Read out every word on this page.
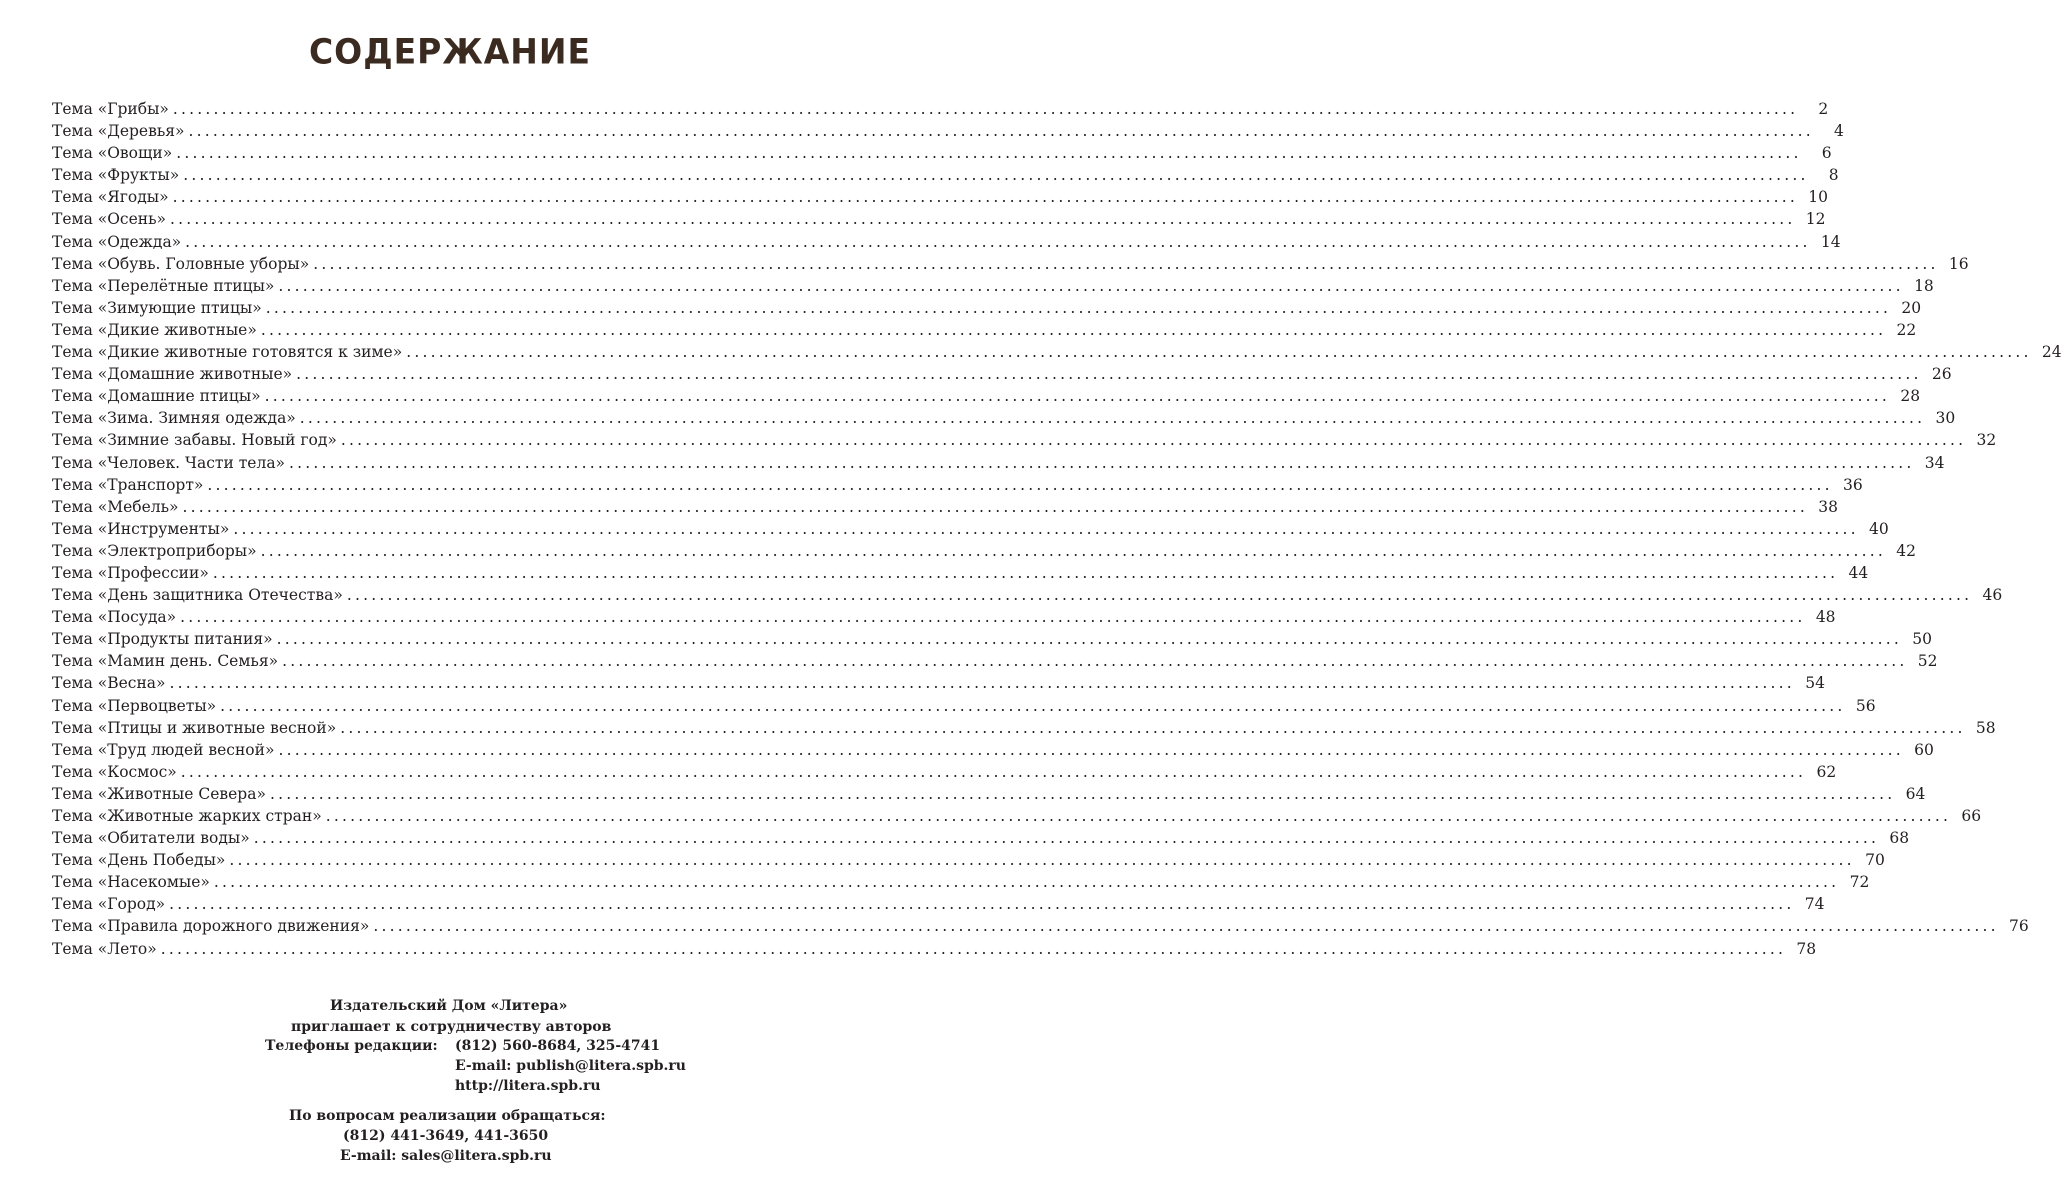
СОДЕРЖАНИЕ
Тема «Грибы» ........................................................................................................................................................................................................	2
Тема «Деревья» ........................................................................................................................................................................................................	4
Тема «Овощи» ........................................................................................................................................................................................................	6
Тема «Фрукты» ........................................................................................................................................................................................................	8
Тема «Ягоды» ........................................................................................................................................................................................................ 10
Тема «Осень» ........................................................................................................................................................................................................ 12
Тема «Одежда» ........................................................................................................................................................................................................ 14
Тема «Обувь. Головные уборы» ........................................................................................................................................................................................................ 16
Тема «Перелётные птицы» ........................................................................................................................................................................................................ 18
Тема «Зимующие птицы» ........................................................................................................................................................................................................ 20
Тема «Дикие животные» ........................................................................................................................................................................................................ 22
Тема «Дикие животные готовятся к зиме» ........................................................................................................................................................................................................ 24
Тема «Домашние животные» ........................................................................................................................................................................................................ 26
Тема «Домашние птицы» ........................................................................................................................................................................................................ 28
Тема «Зима. Зимняя одежда» ........................................................................................................................................................................................................ 30
Тема «Зимние забавы. Новый год» ........................................................................................................................................................................................................ 32
Тема «Человек. Части тела» ........................................................................................................................................................................................................ 34
Тема «Транспорт» ........................................................................................................................................................................................................ 36
Тема «Мебель» ........................................................................................................................................................................................................ 38
Тема «Инструменты» ........................................................................................................................................................................................................ 40
Тема «Электроприборы» ........................................................................................................................................................................................................ 42
Тема «Профессии» ........................................................................................................................................................................................................ 44
Тема «День защитника Отечества» ........................................................................................................................................................................................................ 46
Тема «Посуда» ........................................................................................................................................................................................................ 48
Тема «Продукты питания» ........................................................................................................................................................................................................ 50
Тема «Мамин день. Семья» ........................................................................................................................................................................................................ 52
Тема «Весна» ........................................................................................................................................................................................................ 54
Тема «Первоцветы» ........................................................................................................................................................................................................ 56
Тема «Птицы и животные весной» ........................................................................................................................................................................................................ 58
Тема «Труд людей весной» ........................................................................................................................................................................................................ 60
Тема «Космос» ........................................................................................................................................................................................................ 62
Тема «Животные Севера» ........................................................................................................................................................................................................ 64
Тема «Животные жарких стран» ........................................................................................................................................................................................................ 66
Тема «Обитатели воды» ........................................................................................................................................................................................................ 68
Тема «День Победы» ........................................................................................................................................................................................................ 70
Тема «Насекомые» ........................................................................................................................................................................................................ 72
Тема «Город» ........................................................................................................................................................................................................ 74
Тема «Правила дорожного движения» ........................................................................................................................................................................................................ 76
Тема «Лето» ........................................................................................................................................................................................................ 78
Издательский Дом «Литера»
приглашает к сотрудничеству авторов
Телефоны редакции: (812) 560-8684, 325-4741
E-mail: publish@litera.spb.ru
http://litera.spb.ru
По вопросам реализации обращаться:
(812) 441-3649, 441-3650
E-mail: sales@litera.spb.ru
